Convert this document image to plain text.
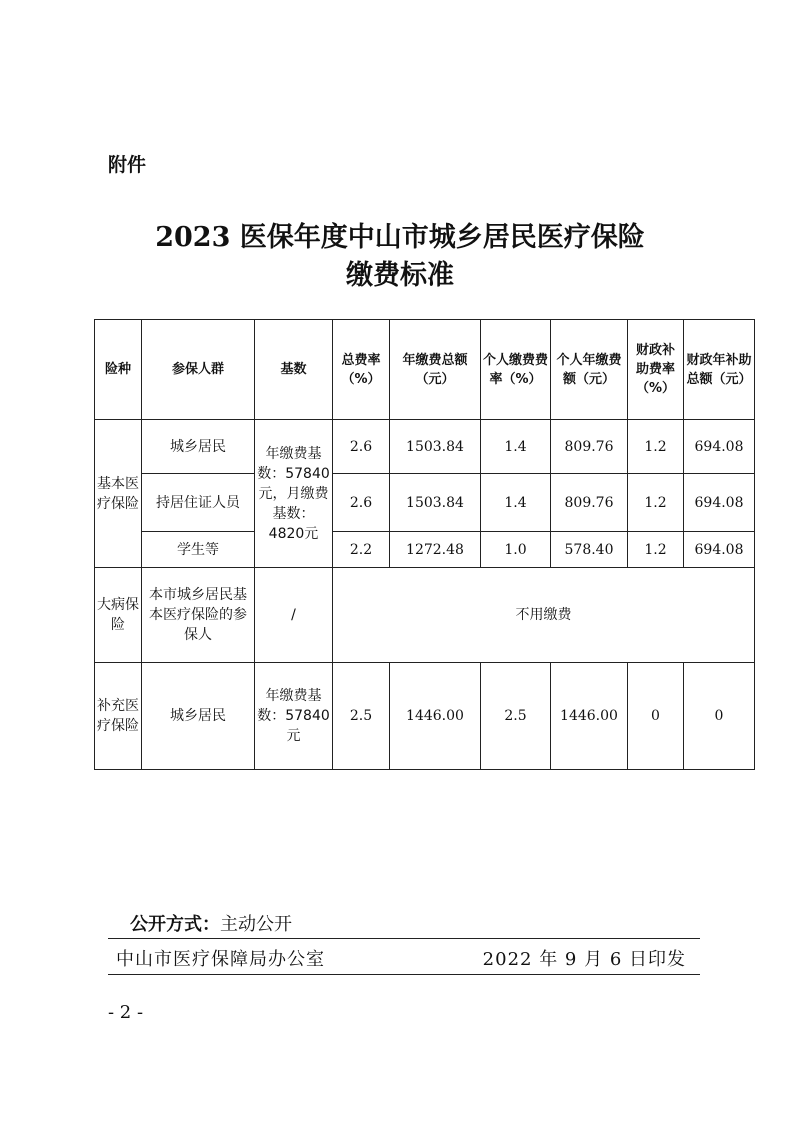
附件
2023 医保年度中山市城乡居民医疗保险
缴费标准
险种	参保人群	基数	总费率（%）	年缴费总额（元）	个人缴费费率（%）	个人年缴费额（元）	财政补助费率（%）	财政年补助总额（元）
基本医疗保险	城乡居民	年缴费基数：57840元，月缴费基数：4820元	2.6	1503.84	1.4	809.76	1.2	694.08
	持居住证人员		2.6	1503.84	1.4	809.76	1.2	694.08
	学生等		2.2	1272.48	1.0	578.40	1.2	694.08
大病保险	本市城乡居民基本医疗保险的参保人	/	不用缴费					
补充医疗保险	城乡居民	年缴费基数：57840元	2.5	1446.00	2.5	1446.00	0	0
公开方式：主动公开
中山市医疗保障局办公室	2022 年 9 月 6 日印发
- 2 -
